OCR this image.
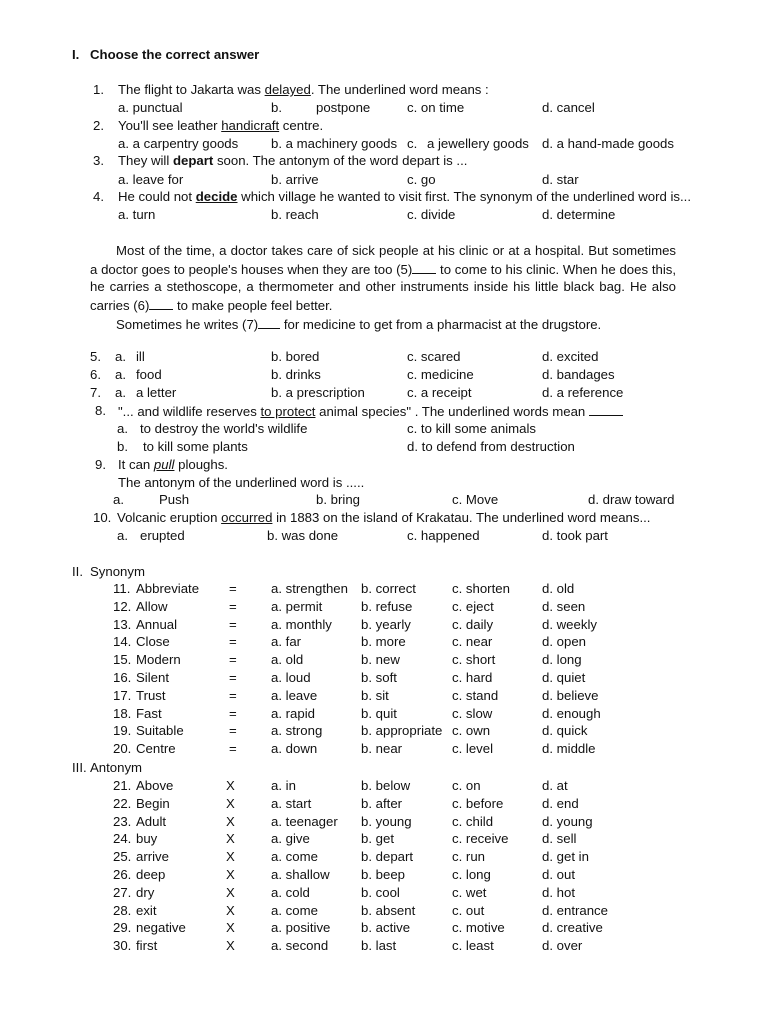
I. Choose the correct answer
1. The flight to Jakarta was delayed. The underlined word means :
a. punctual	b.	postpone	c. on time	d. cancel
2. You'll see leather handicraft centre.
a. a carpentry goods b. a machinery goods c. a jewellery goods d. a hand-made goods
3. They will depart soon. The antonym of the word depart is ...
a. leave for	b. arrive	c. go	d. star
4. He could not decide which village he wanted to visit first. The synonym of the underlined word is...
a. turn	b. reach	c. divide	d. determine

Most of the time, a doctor takes care of sick people at his clinic or at a hospital. But sometimes a doctor goes to people's houses when they are too (5) to come to his clinic. When he does this, he carries a stethoscope, a thermometer and other instruments inside his little black bag. He also carries (6) to make people feel better.

Sometimes he writes (7) for medicine to get from a pharmacist at the drugstore.

5. a. ill	b. bored	c. scared	d. excited
6. a. food	b. drinks	c. medicine	d. bandages
7. a. a letter	b. a prescription	c. a receipt	d. a reference
8. "... and wildlife reserves to protect animal species" . The underlined words mean
a. to destroy the world's wildlife	c. to kill some animals
b. to kill some plants	d. to defend from destruction
9. It can pull ploughs.
The antonym of the underlined word is .....
a.	Push	b. bring	c. Move	d. draw toward
10. Volcanic eruption occurred in 1883 on the island of Krakatau. The underlined word means...
a. erupted	b. was done	c. happened	d. took part
II. Synonym
11. Abbreviate =	a. strengthen b. correct	c. shorten d. old
12. Allow	=	a. permit	b. refuse	c. eject	d. seen
13. Annual	=	a. monthly b. yearly	c. daily	d. weekly
14. Close	=	a. far	b. more	c. near	d. open
15. Modern	=	a. old	b. new	c. short	d. long
16. Silent	=	a. loud	b. soft	c. hard	d. quiet
17. Trust	=	a. leave	b. sit	c. stand	d. believe
18. Fast	=	a. rapid	b. quit	c. slow	d. enough
19. Suitable	=	a. strong	b. appropriate c. own	d. quick
20. Centre	=	a. down	b. near	c. level	d. middle
III. Antonym
21. Above	X	a. in	b. below	c. on	d. at
22. Begin	X	a. start	b. after	c. before	d. end
23. Adult	X	a. teenager b. young	c. child	d. young
24. buy	X	a. give	b. get	c. receive	d. sell
25. arrive	X	a. come	b. depart	c. run	d. get in
26. deep	X	a. shallow b. beep	c. long	d. out
27. dry	X	a. cold	b. cool	c. wet	d. hot
28. exit	X	a. come	b. absent	c. out	d. entrance
29. negative	X	a. positive b. active	c. motive	d. creative
30. first	X	a. second b. last	c. least	d. over
